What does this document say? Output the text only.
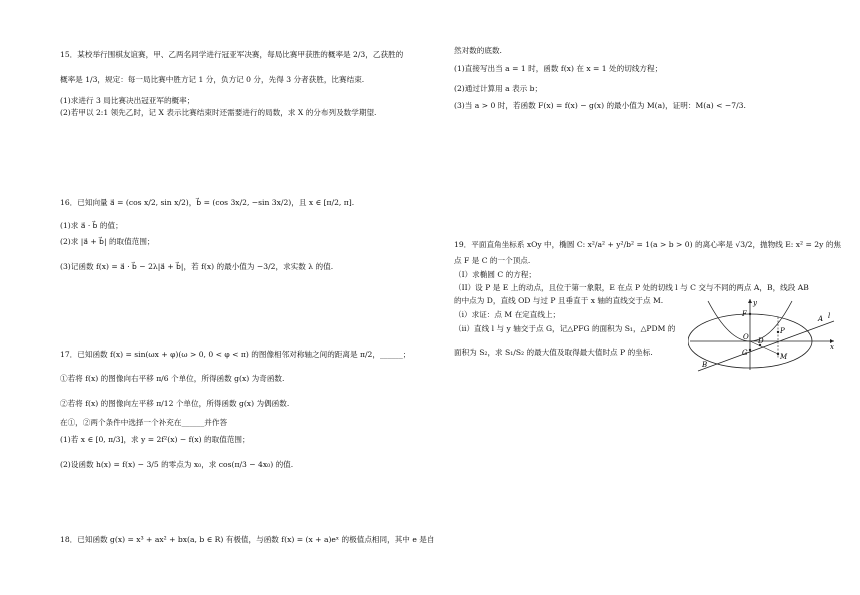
15．某校举行围棋友谊赛，甲、乙两名同学进行冠亚军决赛，每局比赛甲获胜的概率是 2/3，乙获胜的
概率是 1/3，规定：每一局比赛中胜方记 1 分，负方记 0 分，先得 3 分者获胜，比赛结束.
(1)求进行 3 局比赛决出冠亚军的概率；
(2)若甲以 2:1 领先乙时，记 X 表示比赛结束时还需要进行的局数，求 X 的分布列及数学期望.
16．已知向量 a⃗ = (cos x/2, sin x/2)，b⃗ = (cos 3x/2, −sin 3x/2)，且 x ∈ [π/2, π].
(1)求 a⃗ · b⃗ 的值；
(2)求 |a⃗ + b⃗| 的取值范围；
(3)记函数 f(x) = a⃗ · b⃗ − 2λ|a⃗ + b⃗|，若 f(x) 的最小值为 −3/2，求实数 λ 的值.
17．已知函数 f(x) = sin(ωx + φ)(ω > 0, 0 < φ < π) 的图像相邻对称轴之间的距离是 π/2，______；
①若将 f(x) 的图像向右平移 π/6 个单位，所得函数 g(x) 为奇函数.
②若将 f(x) 的图像向左平移 π/12 个单位，所得函数 g(x) 为偶函数.
在①，②两个条件中选择一个补充在______并作答
(1)若 x ∈ [0, π/3]，求 y = 2f²(x) − f(x) 的取值范围；
(2)设函数 h(x) = f(x) − 3/5 的零点为 x₀，求 cos(π/3 − 4x₀) 的值.
18．已知函数 g(x) = x³ + ax² + bx(a, b ∈ R) 有极值，与函数 f(x) = (x + a)eˣ 的极值点相同，其中 e 是自
然对数的底数.
(1)直接写出当 a = 1 时，函数 f(x) 在 x = 1 处的切线方程；
(2)通过计算用 a 表示 b；
(3)当 a > 0 时，若函数 F(x) = f(x) − g(x) 的最小值为 M(a)，证明：M(a) < −7/3.
19．平面直角坐标系 xOy 中，椭圆 C: x²/a² + y²/b² = 1(a > b > 0) 的离心率是 √3/2，抛物线 E: x² = 2y 的焦
点 F 是 C 的一个顶点.
（I）求椭圆 C 的方程；
（II）设 P 是 E 上的动点，且位于第一象限，E 在点 P 处的切线 l 与 C 交与不同的两点 A，B，线段 AB
的中点为 D，直线 OD 与过 P 且垂直于 x 轴的直线交于点 M.
（i）求证：点 M 在定直线上；
（ii）直线 l 与 y 轴交于点 G，记△PFG 的面积为 S₁，△PDM 的
面积为 S₂，求 S₁/S₂ 的最大值及取得最大值时点 P 的坐标.
y
x
F
O
G
D
P
M
A
B
l
